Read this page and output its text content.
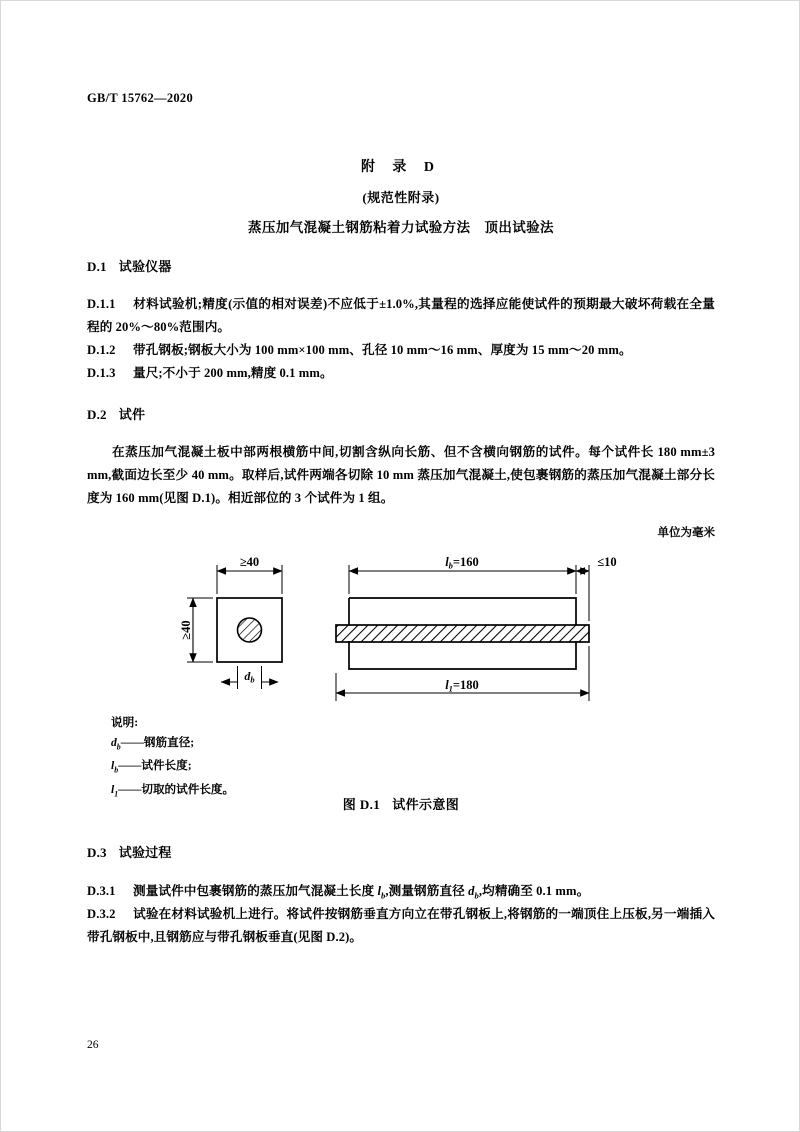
GB/T 15762—2020
附 录 D
(规范性附录)
蒸压加气混凝土钢筋粘着力试验方法 顶出试验法
D.1 试验仪器
D.1.1 材料试验机;精度(示值的相对误差)不应低于±1.0%,其量程的选择应能使试件的预期最大破坏荷载在全量程的 20%～80%范围内。
D.1.2 带孔钢板;钢板大小为 100 mm×100 mm、孔径 10 mm～16 mm、厚度为 15 mm～20 mm。
D.1.3 量尺;不小于 200 mm,精度 0.1 mm。
D.2 试件
在蒸压加气混凝土板中部两根横筋中间,切割含纵向长筋、但不含横向钢筋的试件。每个试件长 180 mm±3 mm,截面边长至少 40 mm。取样后,试件两端各切除 10 mm 蒸压加气混凝土,使包裹钢筋的蒸压加气混凝土部分长度为 160 mm(见图 D.1)。相近部位的 3 个试件为 1 组。
单位为毫米
≥40
≥40
$d_b$
$l_b=160$	≤10
$l_1=180$
说明:
$d_b——$钢筋直径;
$l_b——$试件长度;
$l_1——$切取的试件长度。
图 D.1 试件示意图
D.3 试验过程
D.3.1 测量试件中包裹钢筋的蒸压加气混凝土长度 $l_b$,测量钢筋直径 $d_b$,均精确至 0.1 mm。
D.3.2 试验在材料试验机上进行。将试件按钢筋垂直方向立在带孔钢板上,将钢筋的一端顶住上压板,另一端插入带孔钢板中,且钢筋应与带孔钢板垂直(见图 D.2)。
26
